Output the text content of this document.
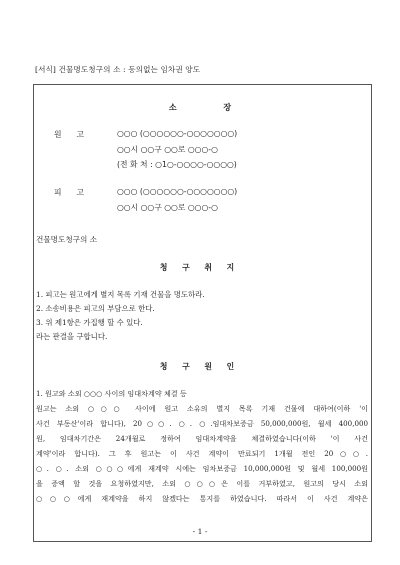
[서식] 건물명도청구의 소 : 동의없는 임차권 양도
소 장
원 고	○○○ (○○○○○○-○○○○○○○)
○○시 ○○구 ○○로 ○○○-○
(전 화 처 : ○1○-○○○○-○○○○)
피 고	○○○ (○○○○○○-○○○○○○○)
○○시 ○○구 ○○로 ○○○-○
건물명도청구의 소
청 구 취 지
1. 피고는 원고에게 별지 목록 기재 건물을 명도하라.
2. 소송비용은 피고의 부담으로 한다.
3. 위 제1항은 가집행 할 수 있다.
라는 판결을 구합니다.
청 구 원 인
1. 원고와 소외 ○○○ 사이의 임대차계약 체결 등
원고는 소외 ○○○ 사이에 원고 소유의 별지 목록 기재 건물에 대하여(이하 '이
사건 부동산'이라 합니다), 20○○. ○. ○.임대차보증금 50,000,000원, 월세 400,000
원, 임대차기간은 24개월로 정하여 임대차계약을 체결하였습니다(이하 '이 사건
계약'이라 합니다). 그 후 원고는 이 사건 계약이 만료되기 1개월 전인 20○○.
○. ○. 소외 ○○○에게 재계약 시에는 임차보증금 10,000,000원 및 월세 100,000원
을 증액 할 것을 요청하였지만, 소외 ○○○은 이를 거부하였고, 원고의 당시 소외
○○○에게 재계약을 하지 않겠다는 통지를 하였습니다. 따라서 이 사건 계약은
- 1 -
